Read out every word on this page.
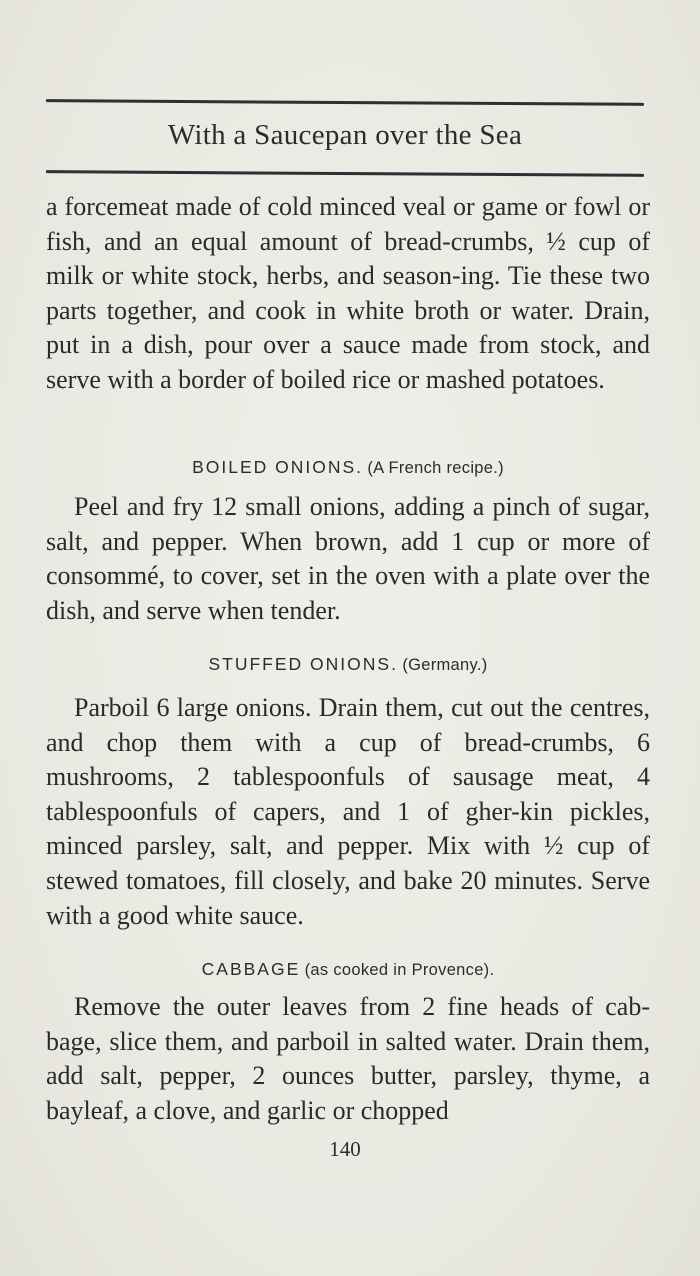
With a Saucepan over the Sea

a forcemeat made of cold minced veal or game or fowl or fish, and an equal amount of bread-crumbs, ½ cup of milk or white stock, herbs, and season-ing. Tie these two parts together, and cook in white broth or water. Drain, put in a dish, pour over a sauce made from stock, and serve with a border of boiled rice or mashed potatoes.

BOILED ONIONS. (A French recipe.)

Peel and fry 12 small onions, adding a pinch of sugar, salt, and pepper. When brown, add 1 cup or more of consommé, to cover, set in the oven with a plate over the dish, and serve when tender.

STUFFED ONIONS. (Germany.)

Parboil 6 large onions. Drain them, cut out the centres, and chop them with a cup of bread-crumbs, 6 mushrooms, 2 tablespoonfuls of sausage meat, 4 tablespoonfuls of capers, and 1 of gher-kin pickles, minced parsley, salt, and pepper. Mix with ½ cup of stewed tomatoes, fill closely, and bake 20 minutes. Serve with a good white sauce.

CABBAGE (as cooked in Provence).

Remove the outer leaves from 2 fine heads of cab-bage, slice them, and parboil in salted water. Drain them, add salt, pepper, 2 ounces butter, parsley, thyme, a bayleaf, a clove, and garlic or chopped

140
